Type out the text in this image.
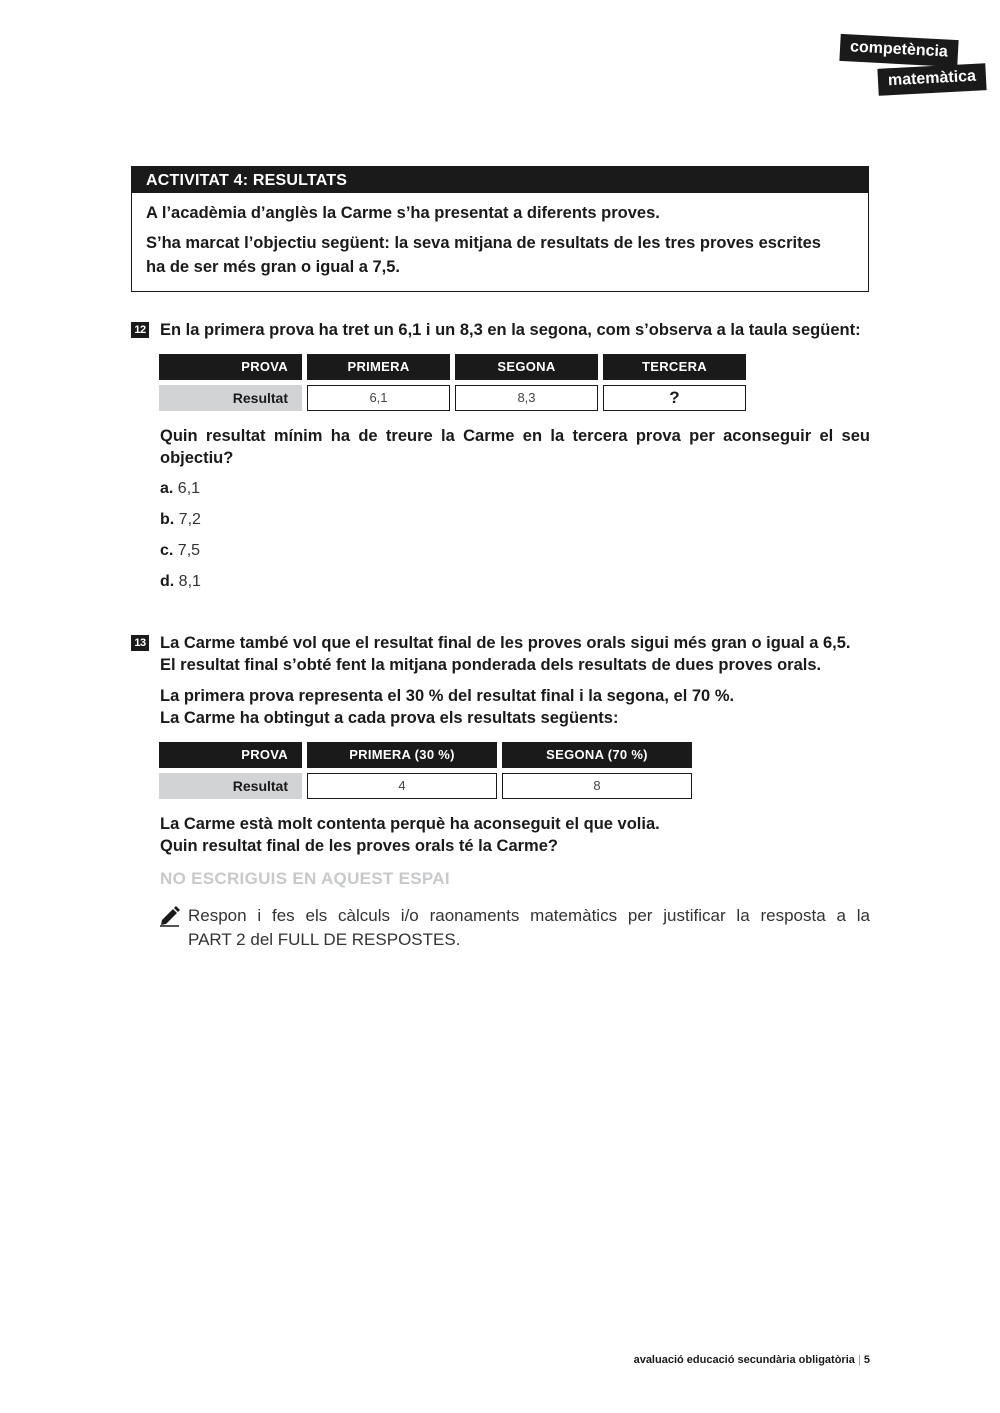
competència
matemàtica
ACTIVITAT 4: RESULTATS
A l’acadèmia d’anglès la Carme s’ha presentat a diferents proves.
S’ha marcat l’objectiu següent: la seva mitjana de resultats de les tres proves escrites
ha de ser més gran o igual a 7,5.
12 En la primera prova ha tret un 6,1 i un 8,3 en la segona, com s’observa a la taula següent:
PROVA	PRIMERA	SEGONA	TERCERA
Resultat	6,1	8,3	?
Quin resultat mínim ha de treure la Carme en la tercera prova per aconseguir el seu
objectiu?
a. 6,1
b. 7,2
c. 7,5
d. 8,1
13 La Carme també vol que el resultat final de les proves orals sigui més gran o igual a 6,5.
El resultat final s’obté fent la mitjana ponderada dels resultats de dues proves orals.
La primera prova representa el 30 % del resultat final i la segona, el 70 %.
La Carme ha obtingut a cada prova els resultats següents:
PROVA	PRIMERA (30 %)	SEGONA (70 %)
Resultat	4	8
La Carme està molt contenta perquè ha aconseguit el que volia.
Quin resultat final de les proves orals té la Carme?
NO ESCRIGUIS EN AQUEST ESPAI
Respon i fes els càlculs i/o raonaments matemàtics per justificar la resposta a la
PART 2 del FULL DE RESPOSTES.
avaluació educació secundària obligatòria | 5
